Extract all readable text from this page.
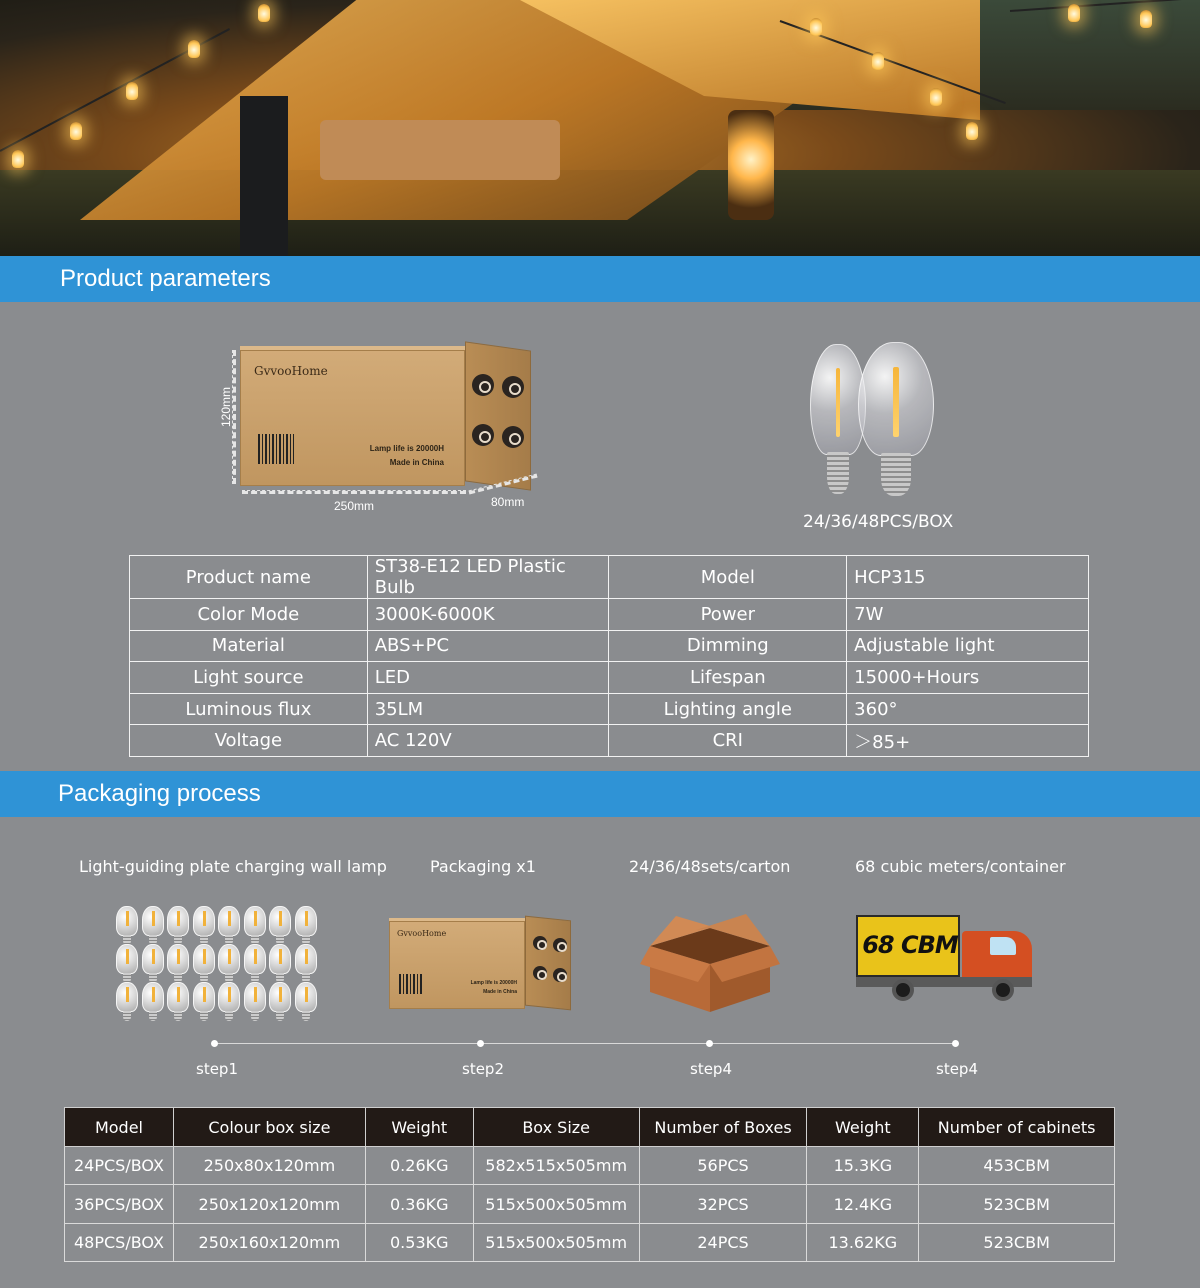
Product parameters
GvvooHome
Lamp life is 20000H
Made in China
120mm
250mm	80mm
24/36/48PCS/BOX
Product name	ST38-E12 LED Plastic Bulb	Model	HCP315
Color Mode	3000K-6000K	Power	7W
Material	ABS+PC	Dimming	Adjustable light
Light source	LED	Lifespan	15000+Hours
Luminous flux	35LM	Lighting angle	360°
Voltage	AC 120V	CRI	＞85+
Packaging process
Light-guiding plate charging wall lamp	Packaging x1	24/36/48sets/carton	68 cubic meters/container
GvvooHome
Lamp life is 20000H
Made in China
68 CBM
step1	step2	step4	step4
Model	Colour box size	Weight	Box Size	Number of Boxes	Weight	Number of cabinets
24PCS/BOX	250x80x120mm	0.26KG	582x515x505mm	56PCS	15.3KG	453CBM
36PCS/BOX	250x120x120mm	0.36KG	515x500x505mm	32PCS	12.4KG	523CBM
48PCS/BOX	250x160x120mm	0.53KG	515x500x505mm	24PCS	13.62KG	523CBM
